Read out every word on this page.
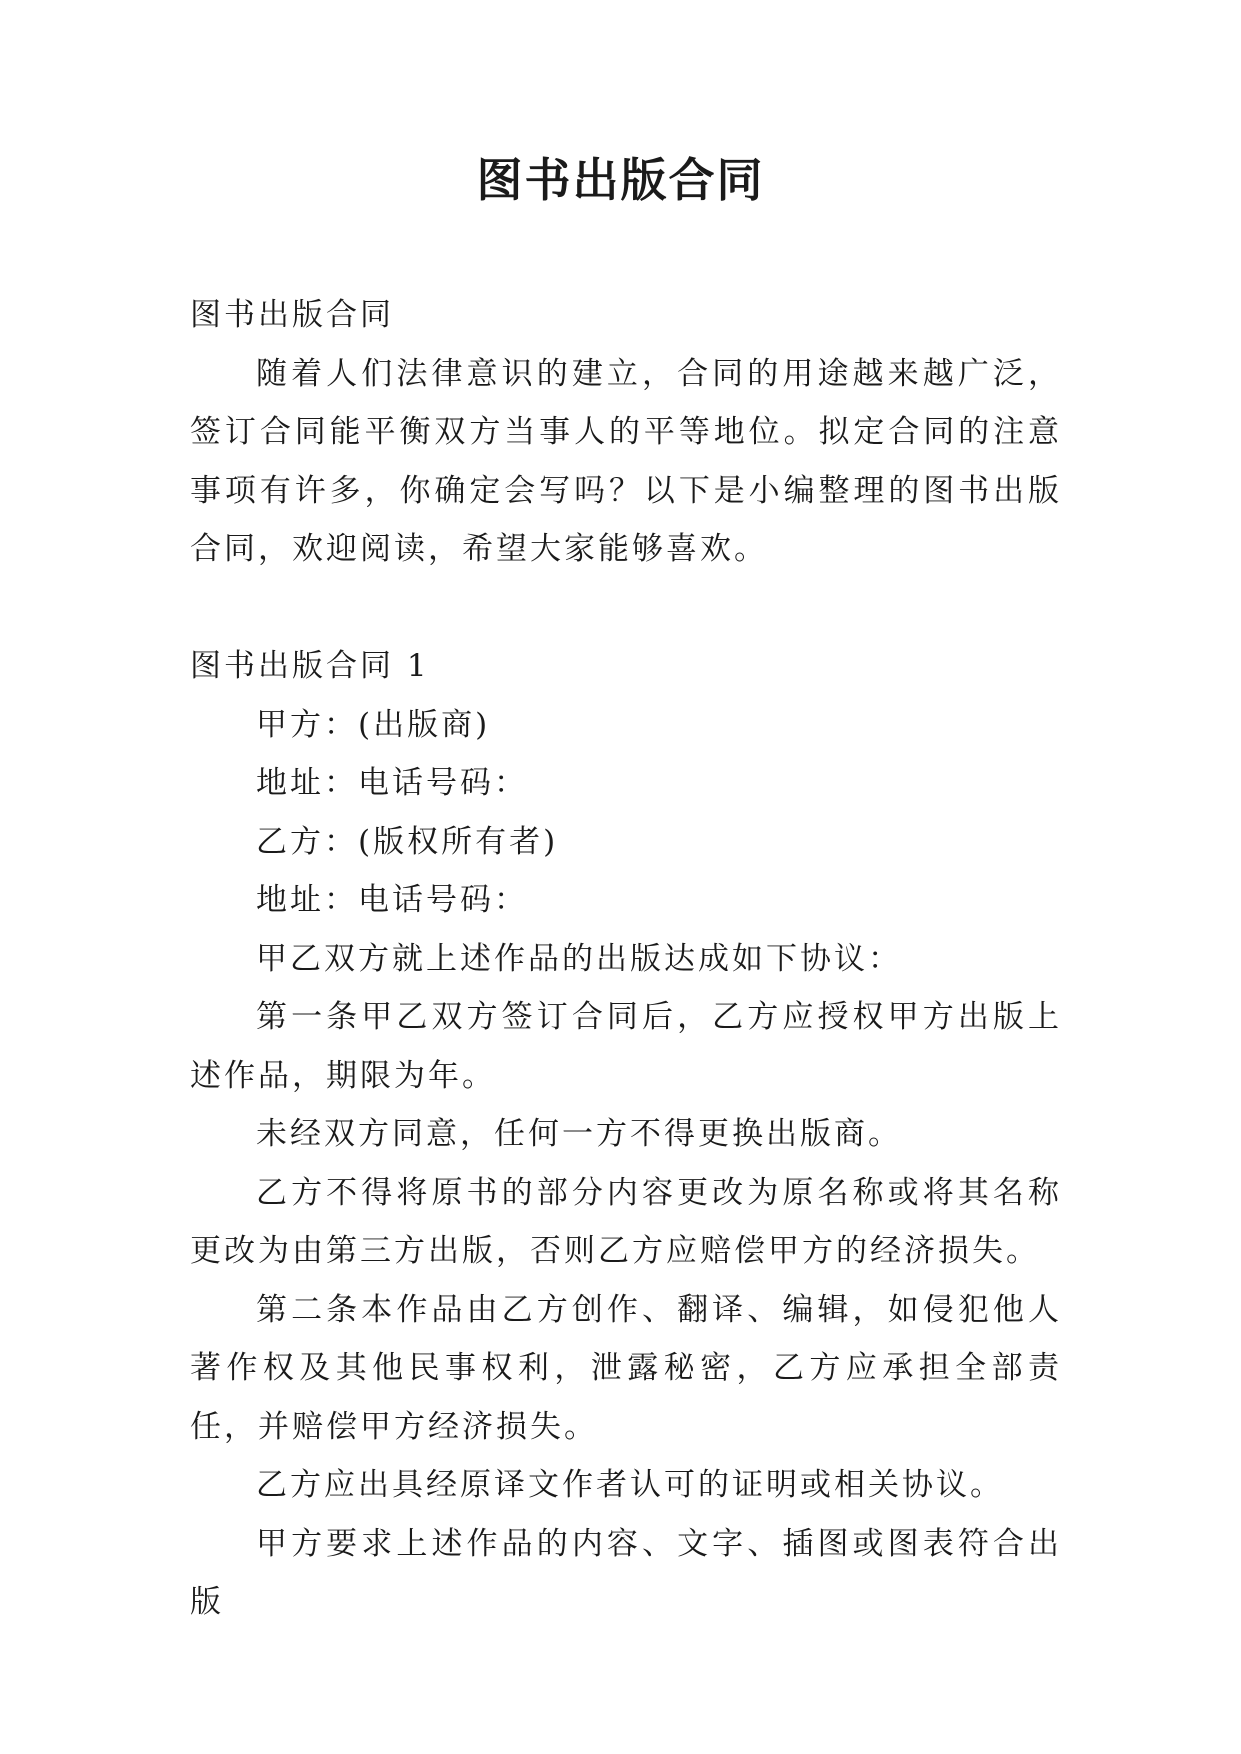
图书出版合同

图书出版合同

随着人们法律意识的建立，合同的用途越来越广泛，签订合同能平衡双方当事人的平等地位。拟定合同的注意事项有许多，你确定会写吗？以下是小编整理的图书出版合同，欢迎阅读，希望大家能够喜欢。

图书出版合同 1

甲方：(出版商)

地址：电话号码：

乙方：(版权所有者)

地址：电话号码：

甲乙双方就上述作品的出版达成如下协议：

第一条甲乙双方签订合同后，乙方应授权甲方出版上述作品，期限为年。

未经双方同意，任何一方不得更换出版商。

乙方不得将原书的部分内容更改为原名称或将其名称更改为由第三方出版，否则乙方应赔偿甲方的经济损失。

第二条本作品由乙方创作、翻译、编辑，如侵犯他人著作权及其他民事权利，泄露秘密，乙方应承担全部责任，并赔偿甲方经济损失。

乙方应出具经原译文作者认可的证明或相关协议。

甲方要求上述作品的内容、文字、插图或图表符合出版
